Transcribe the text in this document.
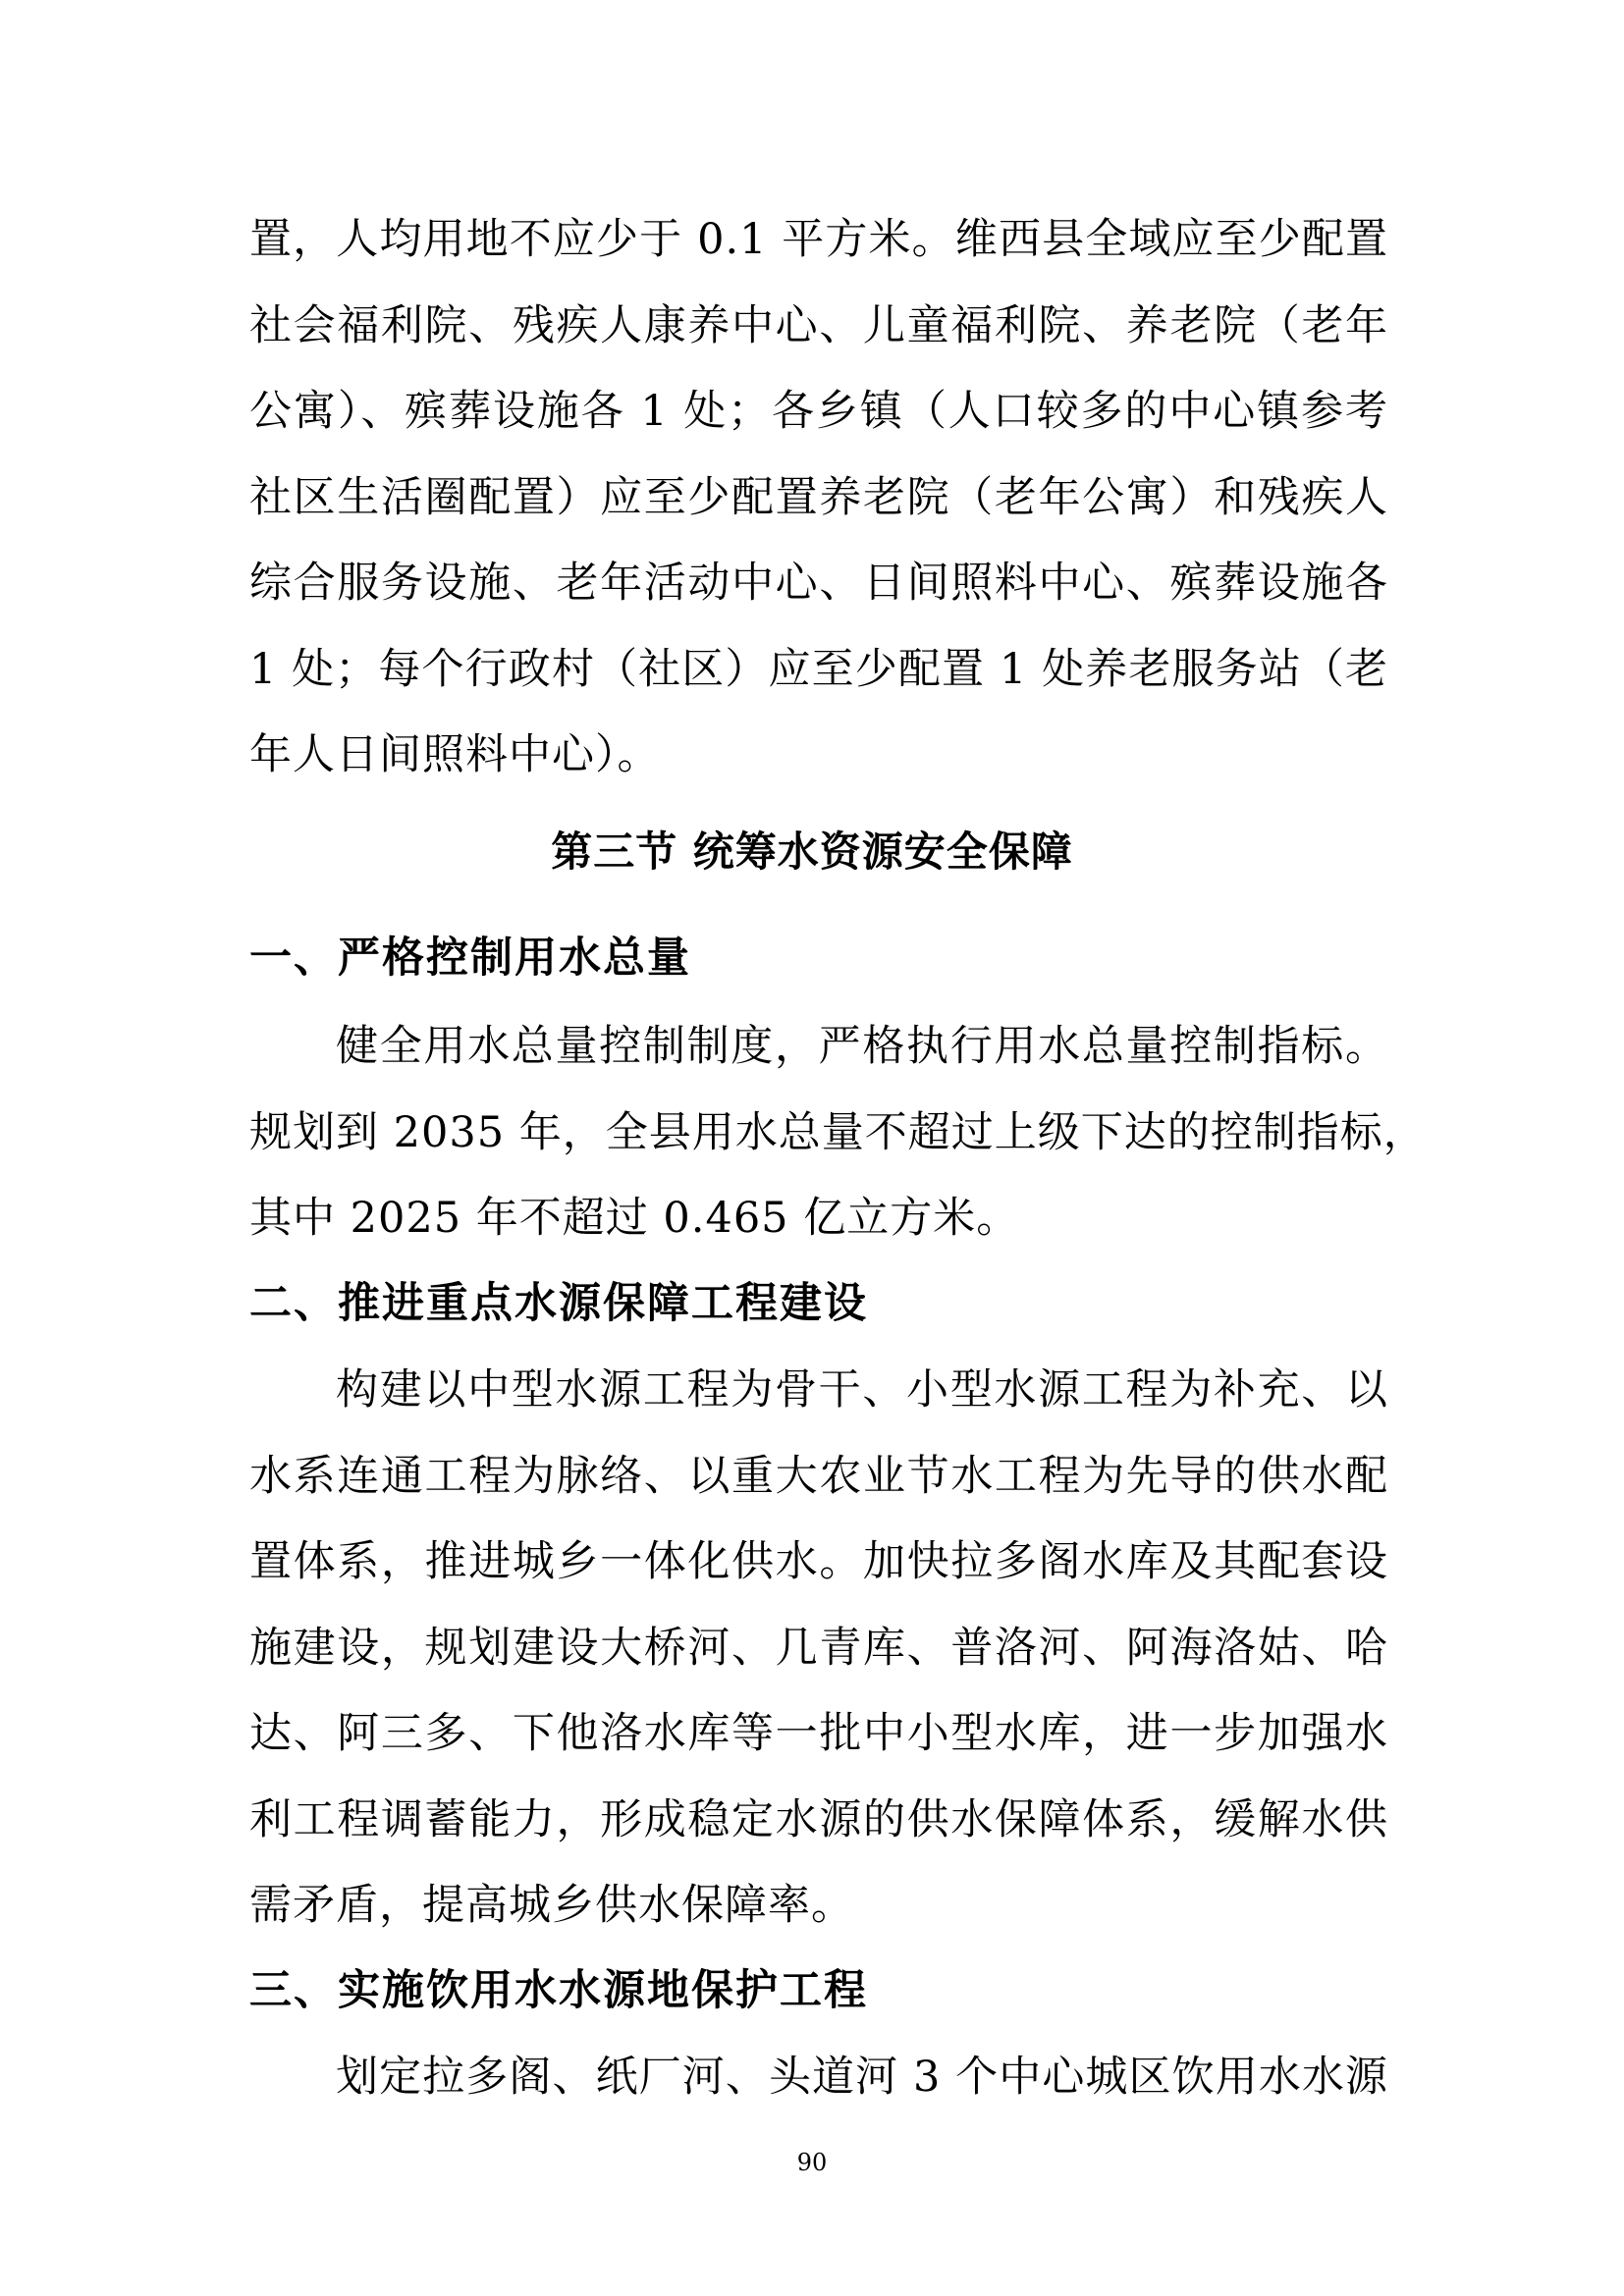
置，人均用地不应少于 0.1 平方米。维西县全域应至少配置
社会福利院、残疾人康养中心、儿童福利院、养老院（老年
公寓）、殡葬设施各 1 处；各乡镇（人口较多的中心镇参考
社区生活圈配置）应至少配置养老院（老年公寓）和残疾人
综合服务设施、老年活动中心、日间照料中心、殡葬设施各
1 处；每个行政村（社区）应至少配置 1 处养老服务站（老
年人日间照料中心）。
第三节 统筹水资源安全保障
一、严格控制用水总量
健全用水总量控制制度，严格执行用水总量控制指标。
规划到 2035 年，全县用水总量不超过上级下达的控制指标，
其中 2025 年不超过 0.465 亿立方米。
二、推进重点水源保障工程建设
构建以中型水源工程为骨干、小型水源工程为补充、以
水系连通工程为脉络、以重大农业节水工程为先导的供水配
置体系，推进城乡一体化供水。加快拉多阁水库及其配套设
施建设，规划建设大桥河、几青库、普洛河、阿海洛姑、哈
达、阿三多、下他洛水库等一批中小型水库，进一步加强水
利工程调蓄能力，形成稳定水源的供水保障体系，缓解水供
需矛盾，提高城乡供水保障率。
三、实施饮用水水源地保护工程
划定拉多阁、纸厂河、头道河 3 个中心城区饮用水水源
90
